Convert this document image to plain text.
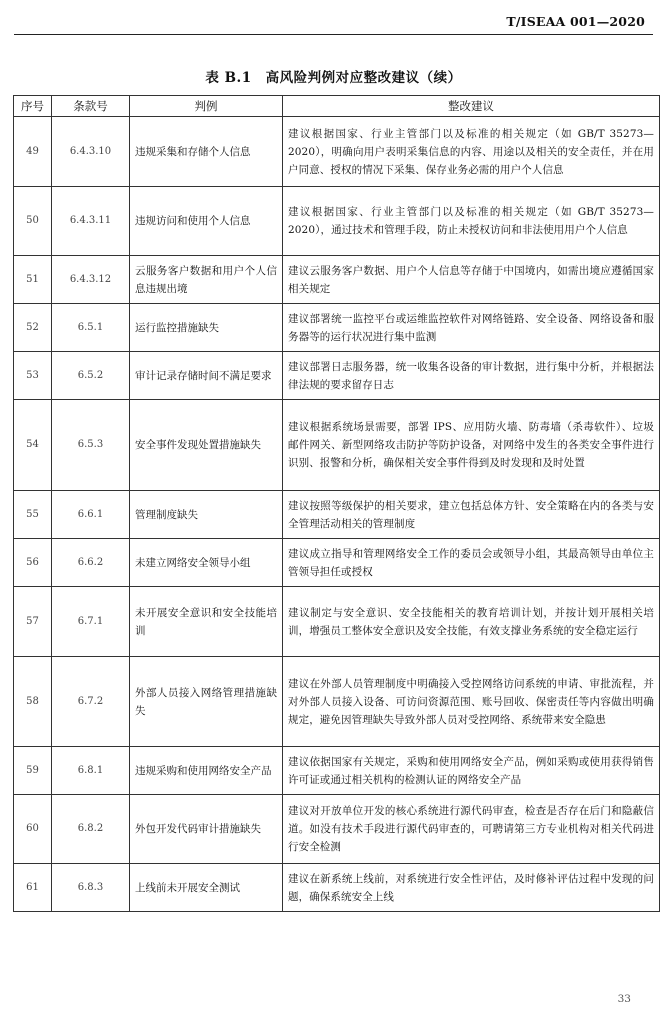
T/ISEAA 001—2020
表 B.1　高风险判例对应整改建议（续）
序号	条款号	判例	整改建议
49	6.4.3.10	违规采集和存储个人信息	建议根据国家、行业主管部门以及标准的相关规定（如 GB/T 35273—2020），明确向用户表明采集信息的内容、用途以及相关的安全责任，并在用户同意、授权的情况下采集、保存业务必需的用户个人信息
50	6.4.3.11	违规访问和使用个人信息	建议根据国家、行业主管部门以及标准的相关规定（如 GB/T 35273—2020），通过技术和管理手段，防止未授权访问和非法使用用户个人信息
51	6.4.3.12	云服务客户数据和用户个人信息违规出境	建议云服务客户数据、用户个人信息等存储于中国境内，如需出境应遵循国家相关规定
52	6.5.1	运行监控措施缺失	建议部署统一监控平台或运维监控软件对网络链路、安全设备、网络设备和服务器等的运行状况进行集中监测
53	6.5.2	审计记录存储时间不满足要求	建议部署日志服务器，统一收集各设备的审计数据，进行集中分析，并根据法律法规的要求留存日志
54	6.5.3	安全事件发现处置措施缺失	建议根据系统场景需要，部署 IPS、应用防火墙、防毒墙（杀毒软件）、垃圾邮件网关、新型网络攻击防护等防护设备，对网络中发生的各类安全事件进行识别、报警和分析，确保相关安全事件得到及时发现和及时处置
55	6.6.1	管理制度缺失	建议按照等级保护的相关要求，建立包括总体方针、安全策略在内的各类与安全管理活动相关的管理制度
56	6.6.2	未建立网络安全领导小组	建议成立指导和管理网络安全工作的委员会或领导小组，其最高领导由单位主管领导担任或授权
57	6.7.1	未开展安全意识和安全技能培训	建议制定与安全意识、安全技能相关的教育培训计划，并按计划开展相关培训，增强员工整体安全意识及安全技能，有效支撑业务系统的安全稳定运行
58	6.7.2	外部人员接入网络管理措施缺失	建议在外部人员管理制度中明确接入受控网络访问系统的申请、审批流程，并对外部人员接入设备、可访问资源范围、账号回收、保密责任等内容做出明确规定，避免因管理缺失导致外部人员对受控网络、系统带来安全隐患
59	6.8.1	违规采购和使用网络安全产品	建议依据国家有关规定，采购和使用网络安全产品，例如采购或使用获得销售许可证或通过相关机构的检测认证的网络安全产品
60	6.8.2	外包开发代码审计措施缺失	建议对开放单位开发的核心系统进行源代码审查，检查是否存在后门和隐蔽信道。如没有技术手段进行源代码审查的，可聘请第三方专业机构对相关代码进行安全检测
61	6.8.3	上线前未开展安全测试	建议在新系统上线前，对系统进行安全性评估，及时修补评估过程中发现的问题，确保系统安全上线
33
